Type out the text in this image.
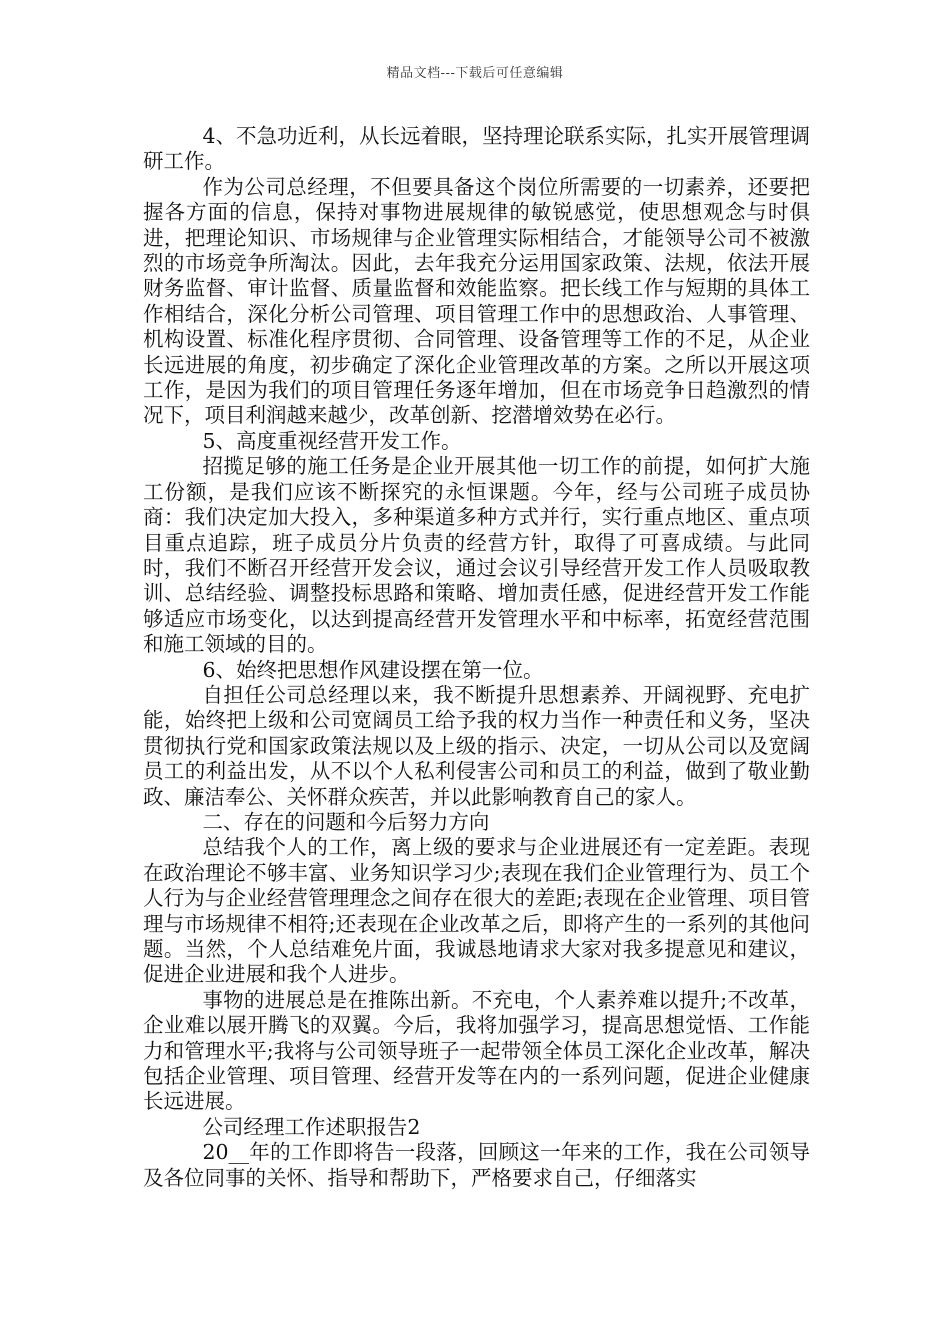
精品文档---下载后可任意编辑

4、不急功近利，从长远着眼，坚持理论联系实际，扎实开展管理调研工作。

作为公司总经理，不但要具备这个岗位所需要的一切素养，还要把握各方面的信息，保持对事物进展规律的敏锐感觉，使思想观念与时俱进，把理论知识、市场规律与企业管理实际相结合，才能领导公司不被激烈的市场竞争所淘汰。因此，去年我充分运用国家政策、法规，依法开展财务监督、审计监督、质量监督和效能监察。把长线工作与短期的具体工作相结合，深化分析公司管理、项目管理工作中的思想政治、人事管理、机构设置、标准化程序贯彻、合同管理、设备管理等工作的不足，从企业长远进展的角度，初步确定了深化企业管理改革的方案。之所以开展这项工作，是因为我们的项目管理任务逐年增加，但在市场竞争日趋激烈的情况下，项目利润越来越少，改革创新、挖潜增效势在必行。

5、高度重视经营开发工作。

招揽足够的施工任务是企业开展其他一切工作的前提，如何扩大施工份额，是我们应该不断探究的永恒课题。今年，经与公司班子成员协商：我们决定加大投入，多种渠道多种方式并行，实行重点地区、重点项目重点追踪，班子成员分片负责的经营方针，取得了可喜成绩。与此同时，我们不断召开经营开发会议，通过会议引导经营开发工作人员吸取教训、总结经验、调整投标思路和策略、增加责任感，促进经营开发工作能够适应市场变化，以达到提高经营开发管理水平和中标率，拓宽经营范围和施工领域的目的。

6、始终把思想作风建设摆在第一位。

自担任公司总经理以来，我不断提升思想素养、开阔视野、充电扩能，始终把上级和公司宽阔员工给予我的权力当作一种责任和义务，坚决贯彻执行党和国家政策法规以及上级的指示、决定，一切从公司以及宽阔员工的利益出发，从不以个人私利侵害公司和员工的利益，做到了敬业勤政、廉洁奉公、关怀群众疾苦，并以此影响教育自己的家人。

二、存在的问题和今后努力方向

总结我个人的工作，离上级的要求与企业进展还有一定差距。表现在政治理论不够丰富、业务知识学习少;表现在我们企业管理行为、员工个人行为与企业经营管理理念之间存在很大的差距;表现在企业管理、项目管理与市场规律不相符;还表现在企业改革之后，即将产生的一系列的其他问题。当然，个人总结难免片面，我诚恳地请求大家对我多提意见和建议，促进企业进展和我个人进步。

事物的进展总是在推陈出新。不充电，个人素养难以提升;不改革，企业难以展开腾飞的双翼。今后，我将加强学习，提高思想觉悟、工作能力和管理水平;我将与公司领导班子一起带领全体员工深化企业改革，解决包括企业管理、项目管理、经营开发等在内的一系列问题，促进企业健康长远进展。

公司经理工作述职报告2

20__年的工作即将告一段落，回顾这一年来的工作，我在公司领导及各位同事的关怀、指导和帮助下，严格要求自己，仔细落实
